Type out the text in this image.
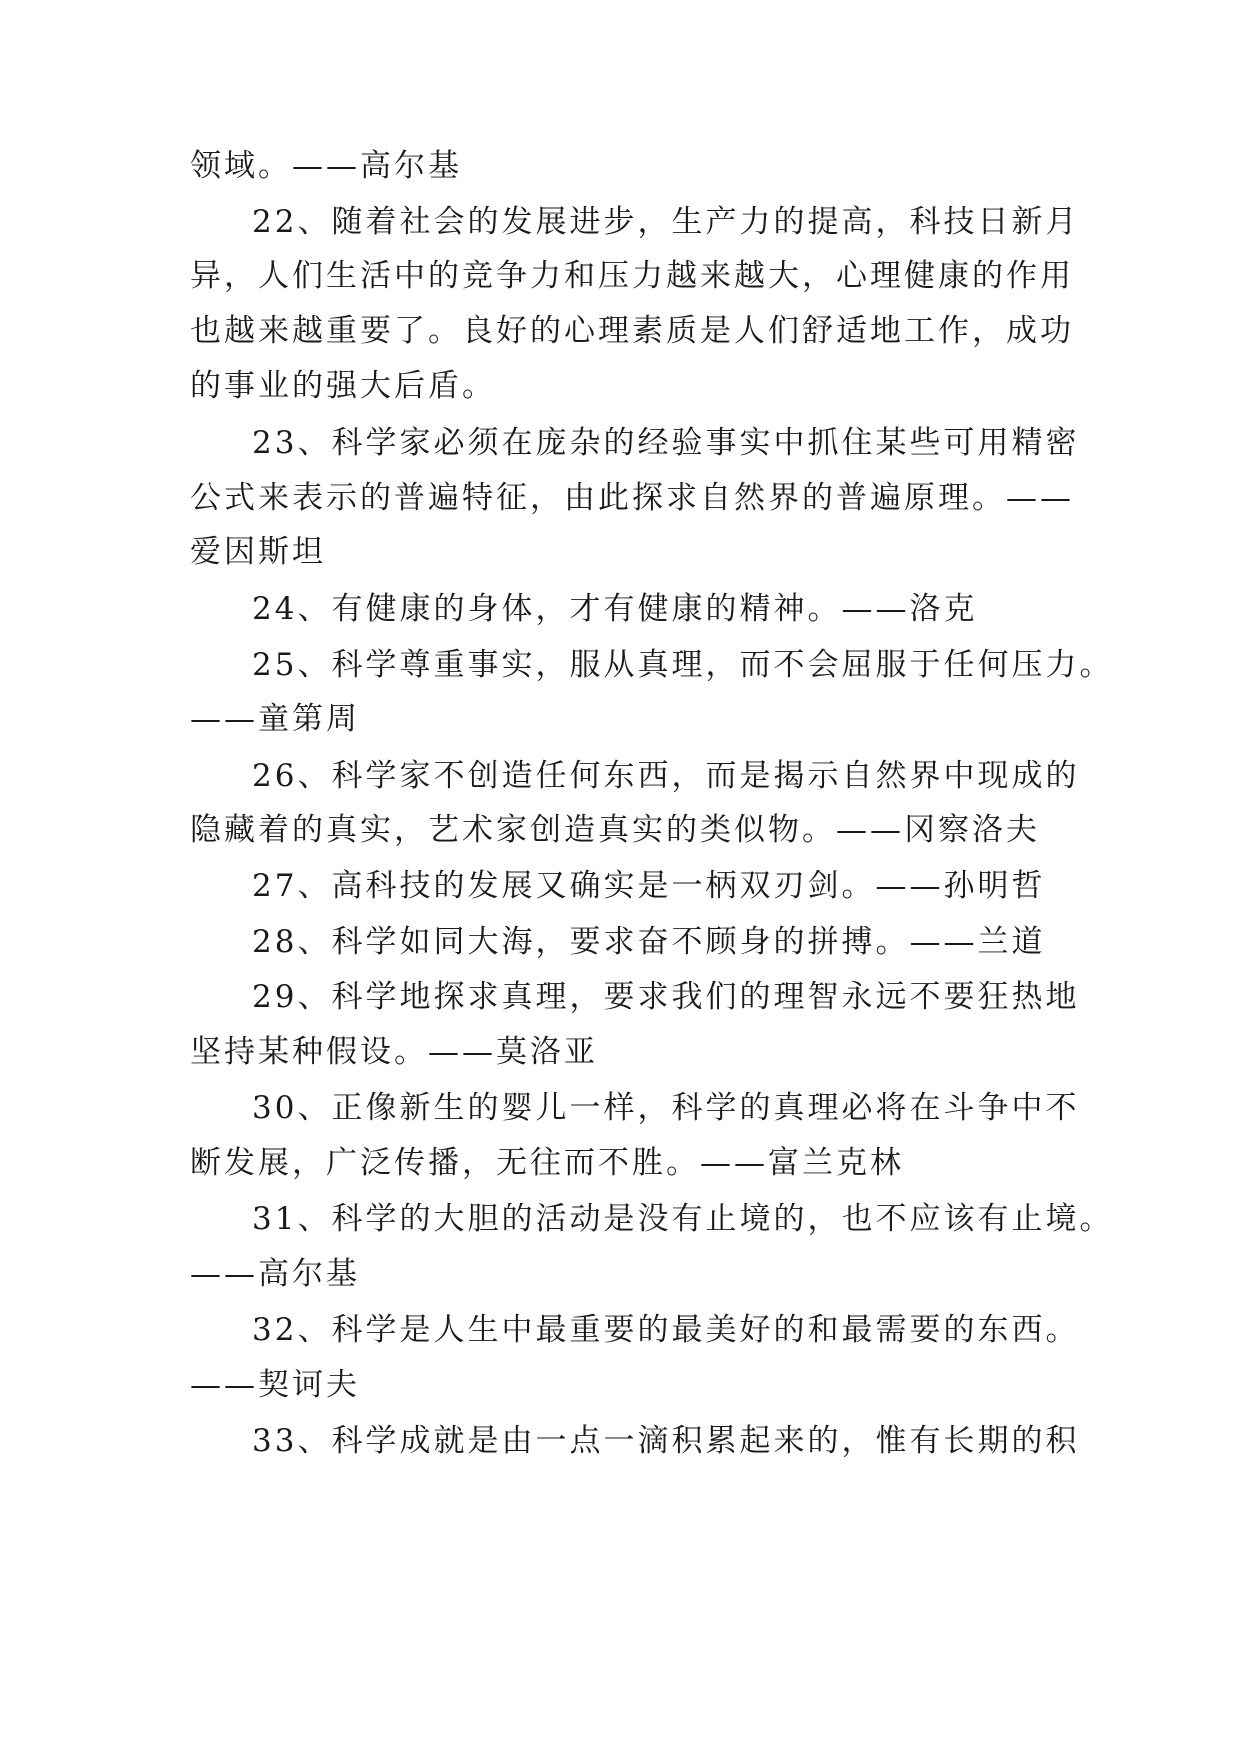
领域。——高尔基
22、随着社会的发展进步，生产力的提高，科技日新月
异，人们生活中的竞争力和压力越来越大，心理健康的作用
也越来越重要了。良好的心理素质是人们舒适地工作，成功
的事业的强大后盾。
23、科学家必须在庞杂的经验事实中抓住某些可用精密
公式来表示的普遍特征，由此探求自然界的普遍原理。——
爱因斯坦
24、有健康的身体，才有健康的精神。——洛克
25、科学尊重事实，服从真理，而不会屈服于任何压力。
——童第周
26、科学家不创造任何东西，而是揭示自然界中现成的
隐藏着的真实，艺术家创造真实的类似物。——冈察洛夫
27、高科技的发展又确实是一柄双刃剑。——孙明哲
28、科学如同大海，要求奋不顾身的拼搏。——兰道
29、科学地探求真理，要求我们的理智永远不要狂热地
坚持某种假设。——莫洛亚
30、正像新生的婴儿一样，科学的真理必将在斗争中不
断发展，广泛传播，无往而不胜。——富兰克林
31、科学的大胆的活动是没有止境的，也不应该有止境。
——高尔基
32、科学是人生中最重要的最美好的和最需要的东西。
——契诃夫
33、科学成就是由一点一滴积累起来的，惟有长期的积
